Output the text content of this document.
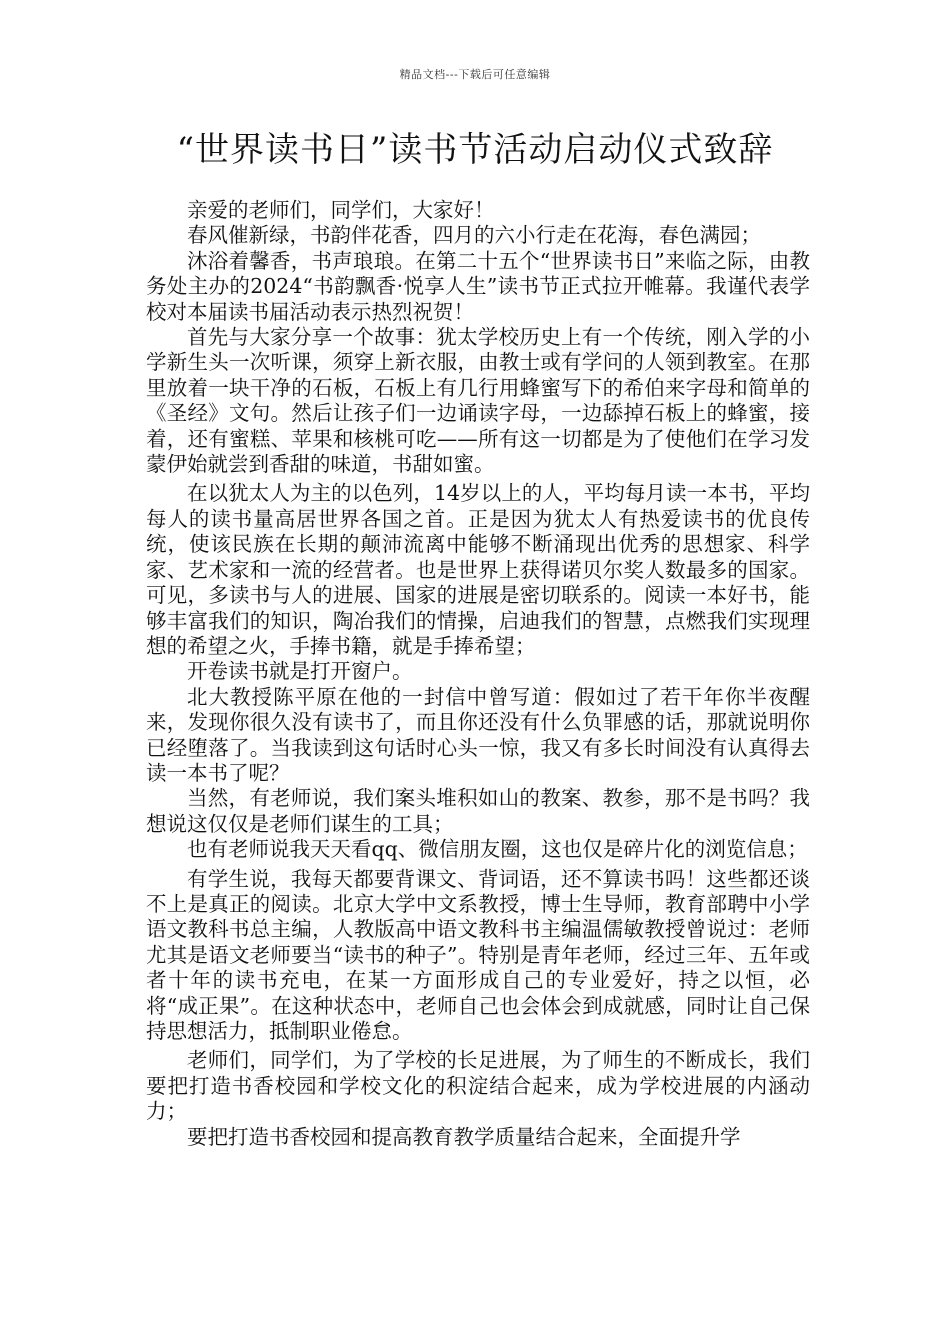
精品文档---下载后可任意编辑
“世界读书日”读书节活动启动仪式致辞

亲爱的老师们，同学们，大家好！

春风催新绿，书韵伴花香，四月的六小行走在花海，春色满园；

沐浴着馨香，书声琅琅。在第二十五个“世界读书日”来临之际，由教务处主办的2024“书韵飘香·悦享人生”读书节正式拉开帷幕。我谨代表学校对本届读书届活动表示热烈祝贺！

首先与大家分享一个故事：犹太学校历史上有一个传统，刚入学的小学新生头一次听课，须穿上新衣服，由教士或有学问的人领到教室。在那里放着一块干净的石板，石板上有几行用蜂蜜写下的希伯来字母和简单的《圣经》文句。然后让孩子们一边诵读字母，一边舔掉石板上的蜂蜜，接着，还有蜜糕、苹果和核桃可吃——所有这一切都是为了使他们在学习发蒙伊始就尝到香甜的味道，书甜如蜜。

在以犹太人为主的以色列，14岁以上的人，平均每月读一本书，平均每人的读书量高居世界各国之首。正是因为犹太人有热爱读书的优良传统，使该民族在长期的颠沛流离中能够不断涌现出优秀的思想家、科学家、艺术家和一流的经营者。也是世界上获得诺贝尔奖人数最多的国家。可见，多读书与人的进展、国家的进展是密切联系的。阅读一本好书，能够丰富我们的知识，陶冶我们的情操，启迪我们的智慧，点燃我们实现理想的希望之火，手捧书籍，就是手捧希望；

开卷读书就是打开窗户。

北大教授陈平原在他的一封信中曾写道：假如过了若干年你半夜醒来，发现你很久没有读书了，而且你还没有什么负罪感的话，那就说明你已经堕落了。当我读到这句话时心头一惊，我又有多长时间没有认真得去读一本书了呢？

当然，有老师说，我们案头堆积如山的教案、教参，那不是书吗？我想说这仅仅是老师们谋生的工具；

也有老师说我天天看qq、微信朋友圈，这也仅是碎片化的浏览信息；

有学生说，我每天都要背课文、背词语，还不算读书吗！这些都还谈不上是真正的阅读。北京大学中文系教授，博士生导师，教育部聘中小学语文教科书总主编，人教版高中语文教科书主编温儒敏教授曾说过：老师尤其是语文老师要当“读书的种子”。特别是青年老师，经过三年、五年或者十年的读书充电，在某一方面形成自己的专业爱好，持之以恒，必将“成正果”。在这种状态中，老师自己也会体会到成就感，同时让自己保持思想活力，抵制职业倦怠。

老师们，同学们，为了学校的长足进展，为了师生的不断成长，我们要把打造书香校园和学校文化的积淀结合起来，成为学校进展的内涵动力；

要把打造书香校园和提高教育教学质量结合起来，全面提升学
